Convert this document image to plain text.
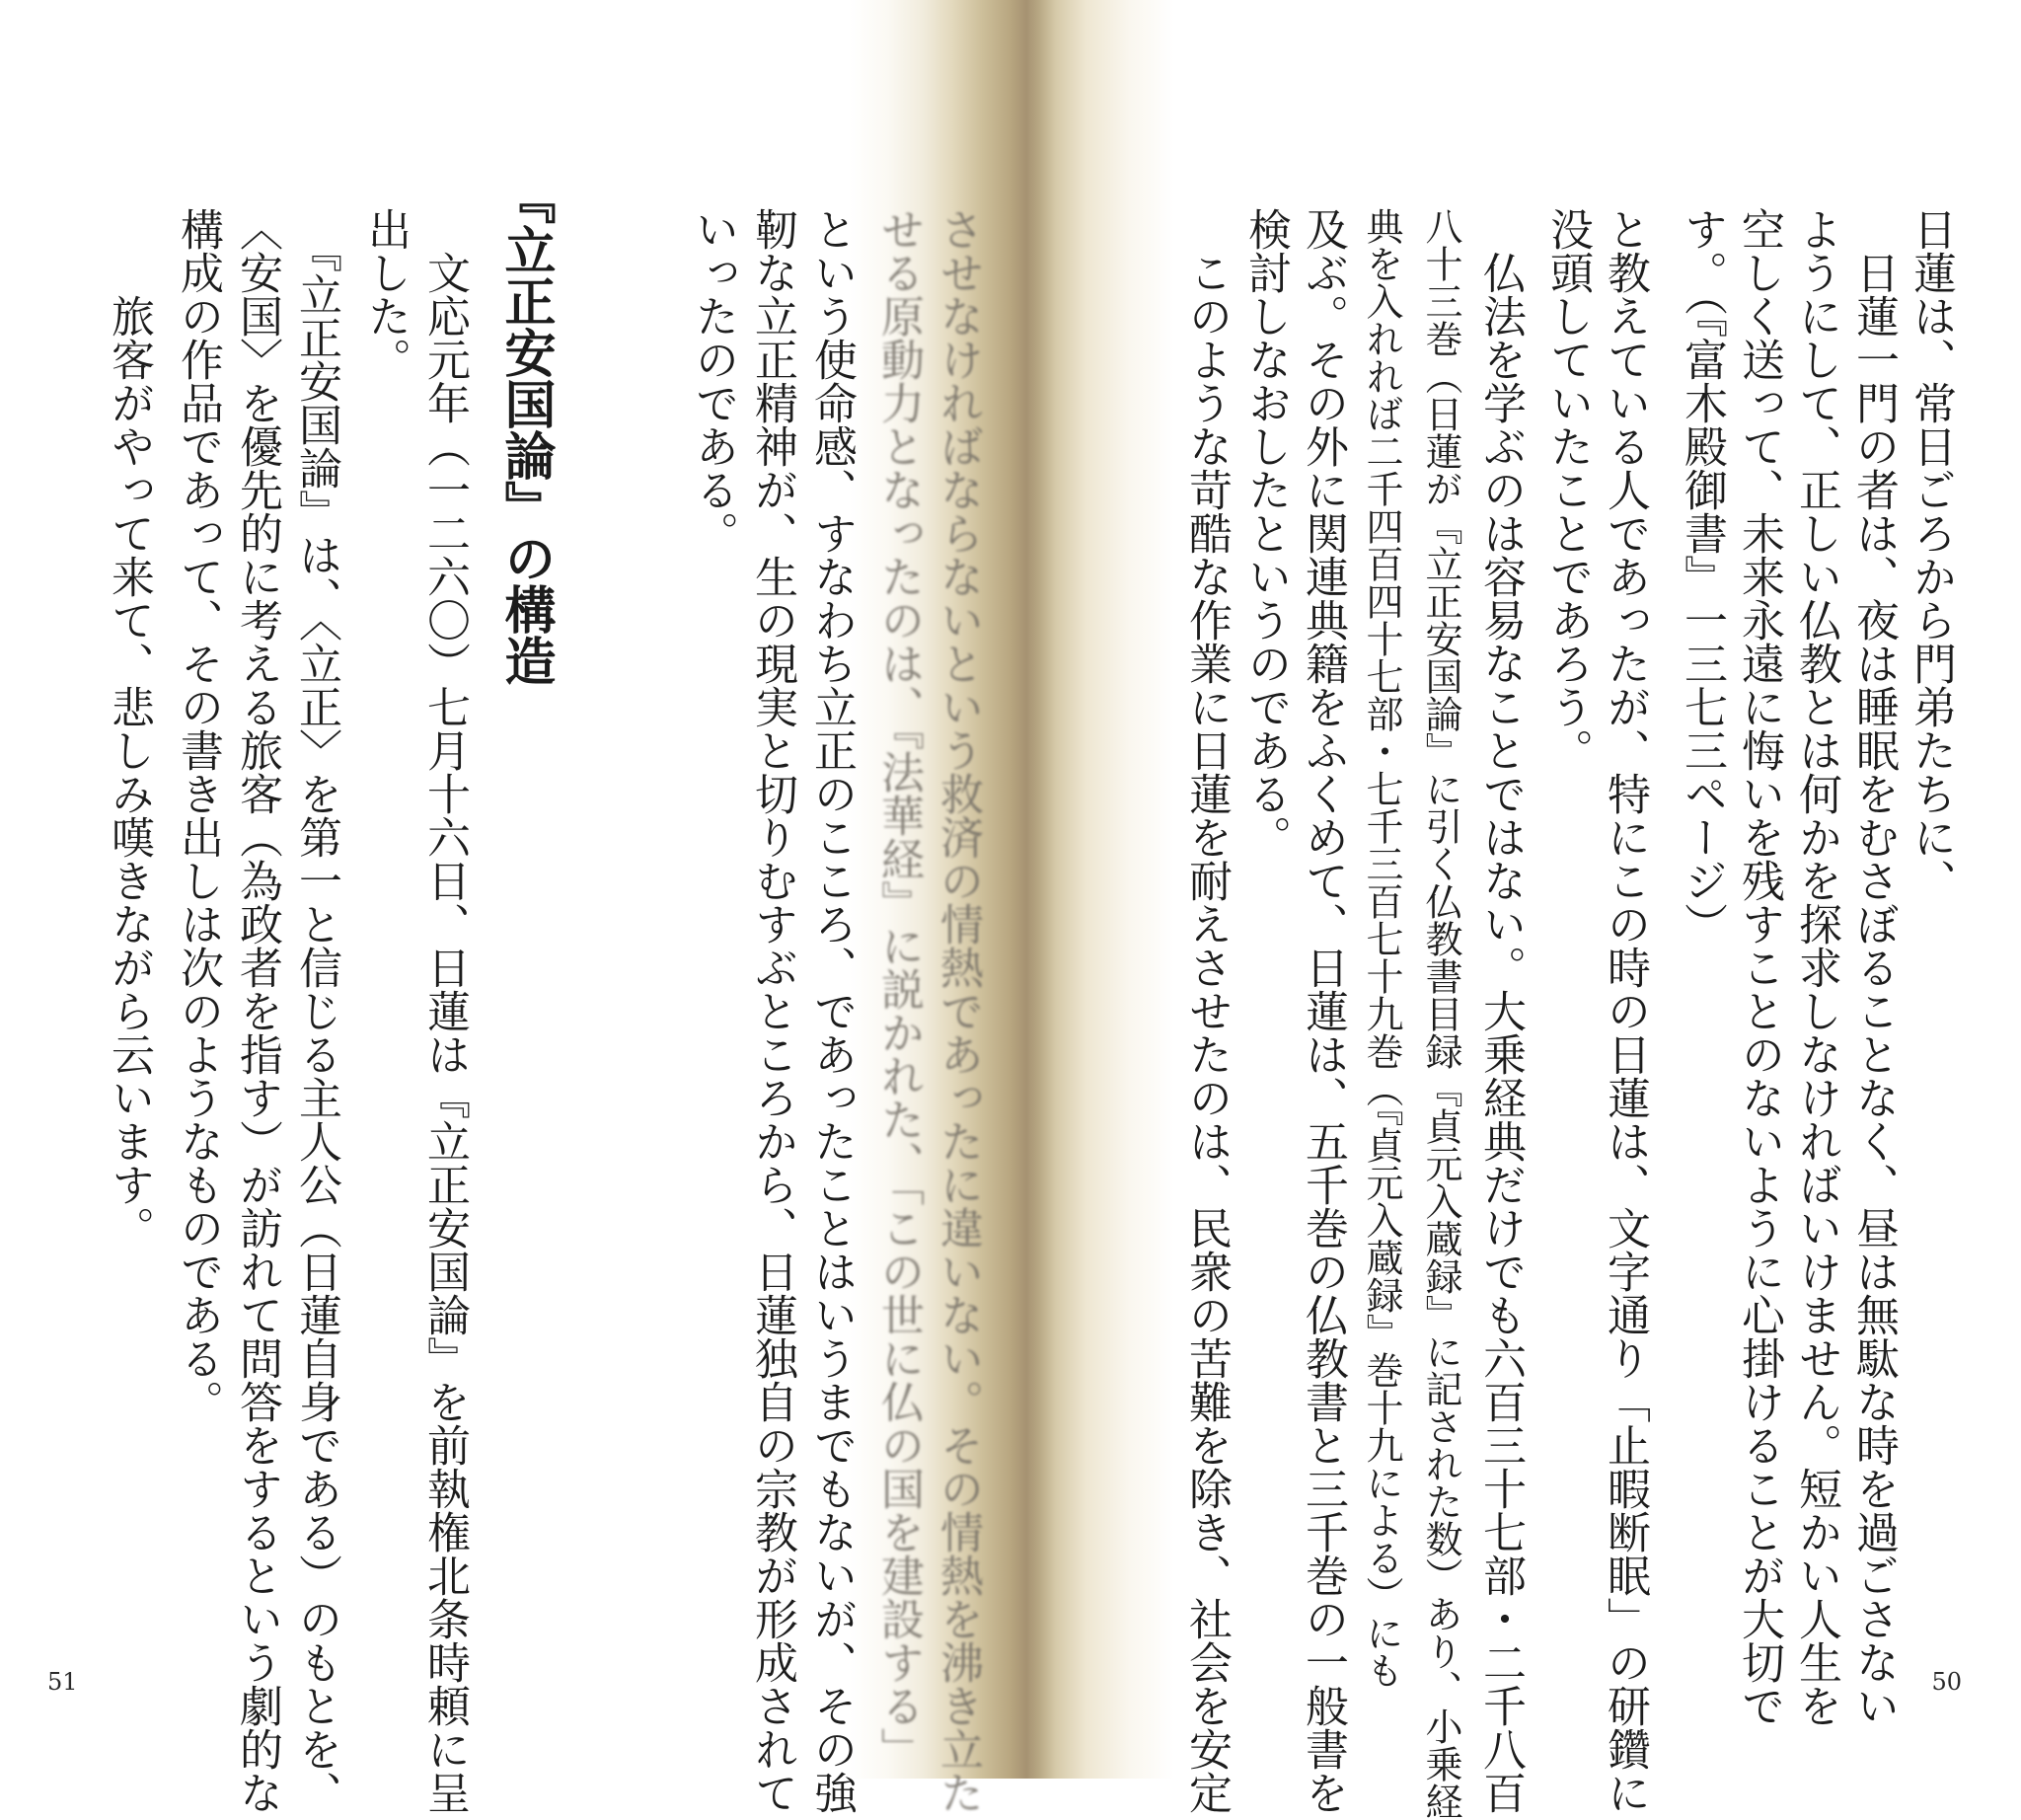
日蓮は、常日ごろから門弟たちに、
　日蓮一門の者は、夜は睡眠をむさぼることなく、昼は無駄な時を過ごさない
ようにして、正しい仏教とは何かを探求しなければいけません。短かい人生を
空しく送って、未来永遠に悔いを残すことのないように心掛けることが大切で
す。（『富木殿御書』一三七三ページ）
と教えている人であったが、特にこの時の日蓮は、文字通り「止暇断眠」の研鑽に
没頭していたことであろう。
　仏法を学ぶのは容易なことではない。大乗経典だけでも六百三十七部・二千八百
八十三巻（日蓮が『立正安国論』に引く仏教書目録『貞元入蔵録』に記された数）あり、小乗経
典を入れれば二千四百四十七部・七千三百七十九巻（『貞元入蔵録』巻十九による）にも
及ぶ。その外に関連典籍をふくめて、日蓮は、五千巻の仏教書と三千巻の一般書を
検討しなおしたというのである。
　このような苛酷な作業に日蓮を耐えさせたのは、民衆の苦難を除き、社会を安定	50
させなければならないという救済の情熱であったに違いない。その情熱を沸き立た
せる原動力となったのは、『法華経』に説かれた、「この世に仏の国を建設する」
という使命感、すなわち立正のこころ、であったことはいうまでもないが、その強
靭な立正精神が、生の現実と切りむすぶところから、日蓮独自の宗教が形成されて
いったのである。
『立正安国論』の構造
　文応元年（一二六〇）七月十六日、日蓮は『立正安国論』を前執権北条時頼に呈
出した。
　『立正安国論』は、〈立正〉を第一と信じる主人公（日蓮自身である）のもとを、
〈安国〉を優先的に考える旅客（為政者を指す）が訪れて問答をするという劇的な
構成の作品であって、その書き出しは次のようなものである。
　　旅客がやって来て、悲しみ嘆きながら云います。
51
